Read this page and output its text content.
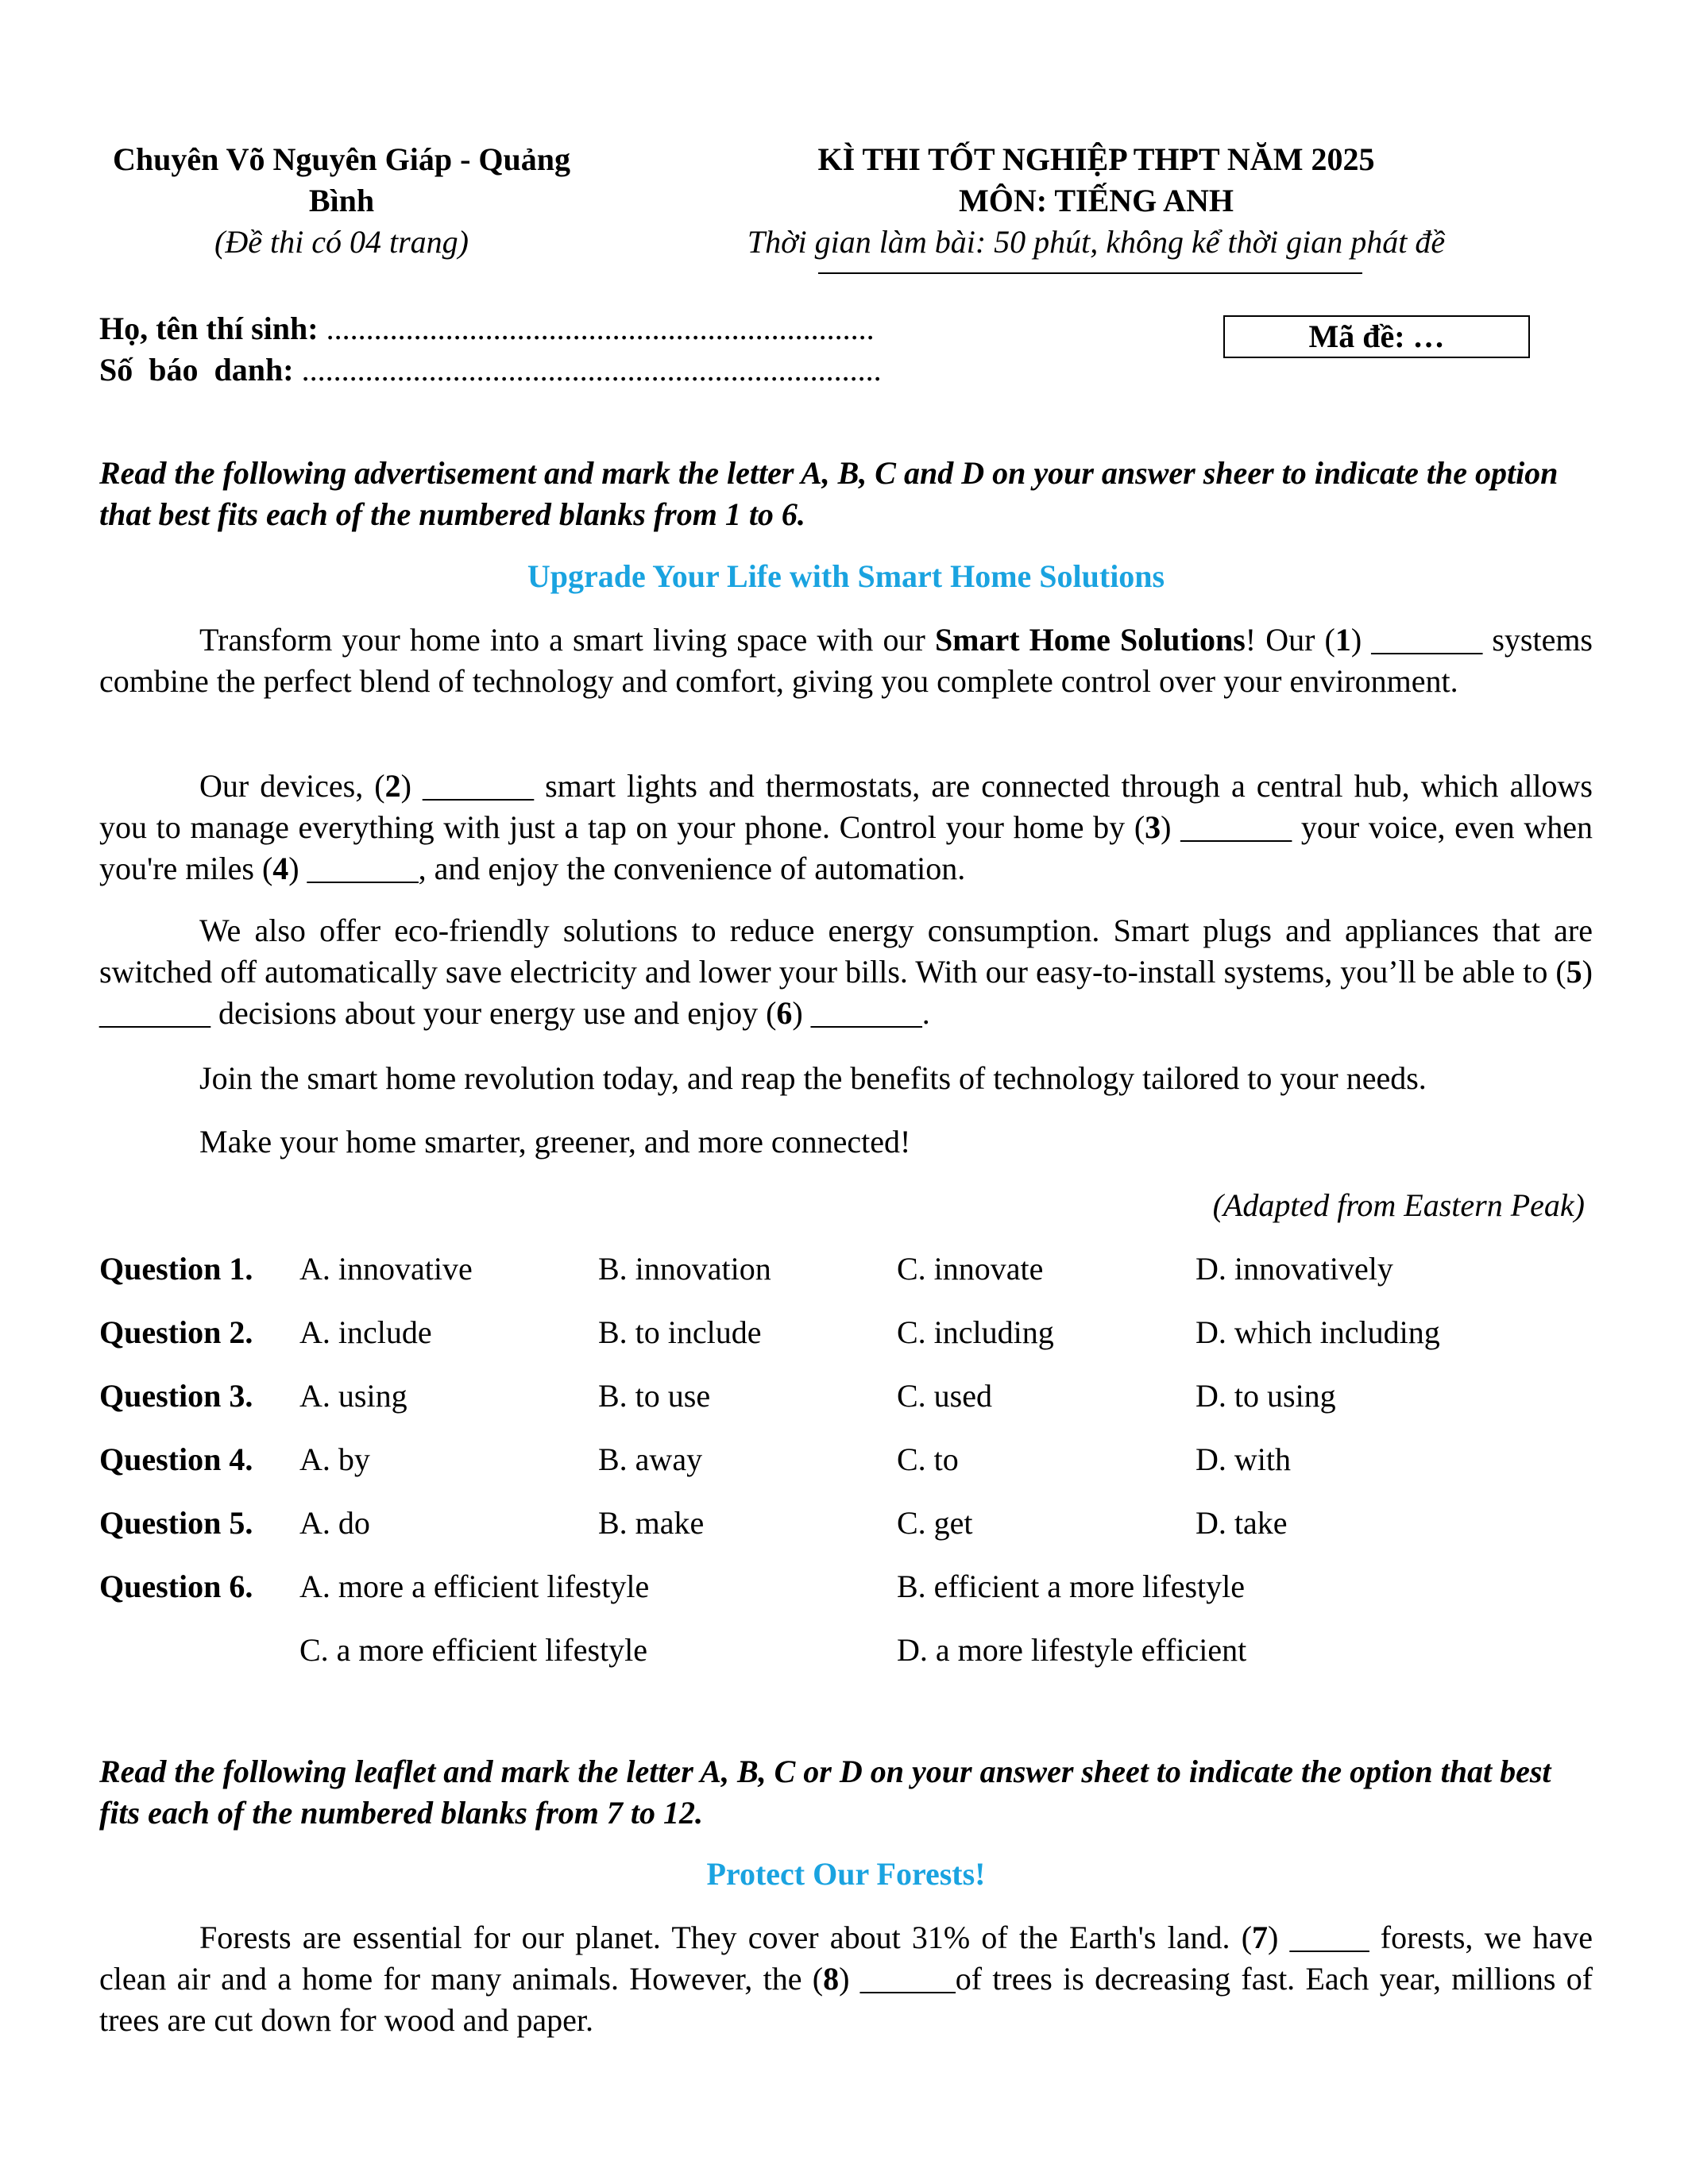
Chuyên Võ Nguyên Giáp - Quảng
Bình
(Đề thi có 04 trang)
KÌ THI TỐT NGHIỆP THPT NĂM 2025
MÔN: TIẾNG ANH
Thời gian làm bài: 50 phút, không kể thời gian phát đề
Họ, tên thí sinh: .....................................................................
Số  báo  danh: .........................................................................
Mã đề: …
Read the following advertisement and mark the letter A, B, C and D on your answer sheer to indicate the option that best fits each of the numbered blanks from 1 to 6.
Upgrade Your Life with Smart Home Solutions
Transform your home into a smart living space with our Smart Home Solutions! Our (1) _______ systems combine the perfect blend of technology and comfort, giving you complete control over your environment.
Our devices, (2) _______ smart lights and thermostats, are connected through a central hub, which allows you to manage everything with just a tap on your phone. Control your home by (3) _______ your voice, even when you're miles (4) _______, and enjoy the convenience of automation.
We also offer eco-friendly solutions to reduce energy consumption. Smart plugs and appliances that are switched off automatically save electricity and lower your bills. With our easy-to-install systems, you’ll be able to (5) _______ decisions about your energy use and enjoy (6) _______.
Join the smart home revolution today, and reap the benefits of technology tailored to your needs.
Make your home smarter, greener, and more connected!
(Adapted from Eastern Peak)
Question 1. A. innovative	B. innovation	C. innovate	D. innovatively
Question 2. A. include	B. to include	C. including	D. which including
Question 3. A. using	B. to use	C. used	D. to using
Question 4. A. by	B. away	C. to	D. with
Question 5. A. do	B. make	C. get	D. take
Question 6. A. more a efficient lifestyle	B. efficient a more lifestyle
C. a more efficient lifestyle	D. a more lifestyle efficient
Read the following leaflet and mark the letter A, B, C or D on your answer sheet to indicate the option that best fits each of the numbered blanks from 7 to 12.
Protect Our Forests!
Forests are essential for our planet. They cover about 31% of the Earth's land. (7) _____ forests, we have clean air and a home for many animals. However, the (8) ______of trees is decreasing fast. Each year, millions of trees are cut down for wood and paper.
